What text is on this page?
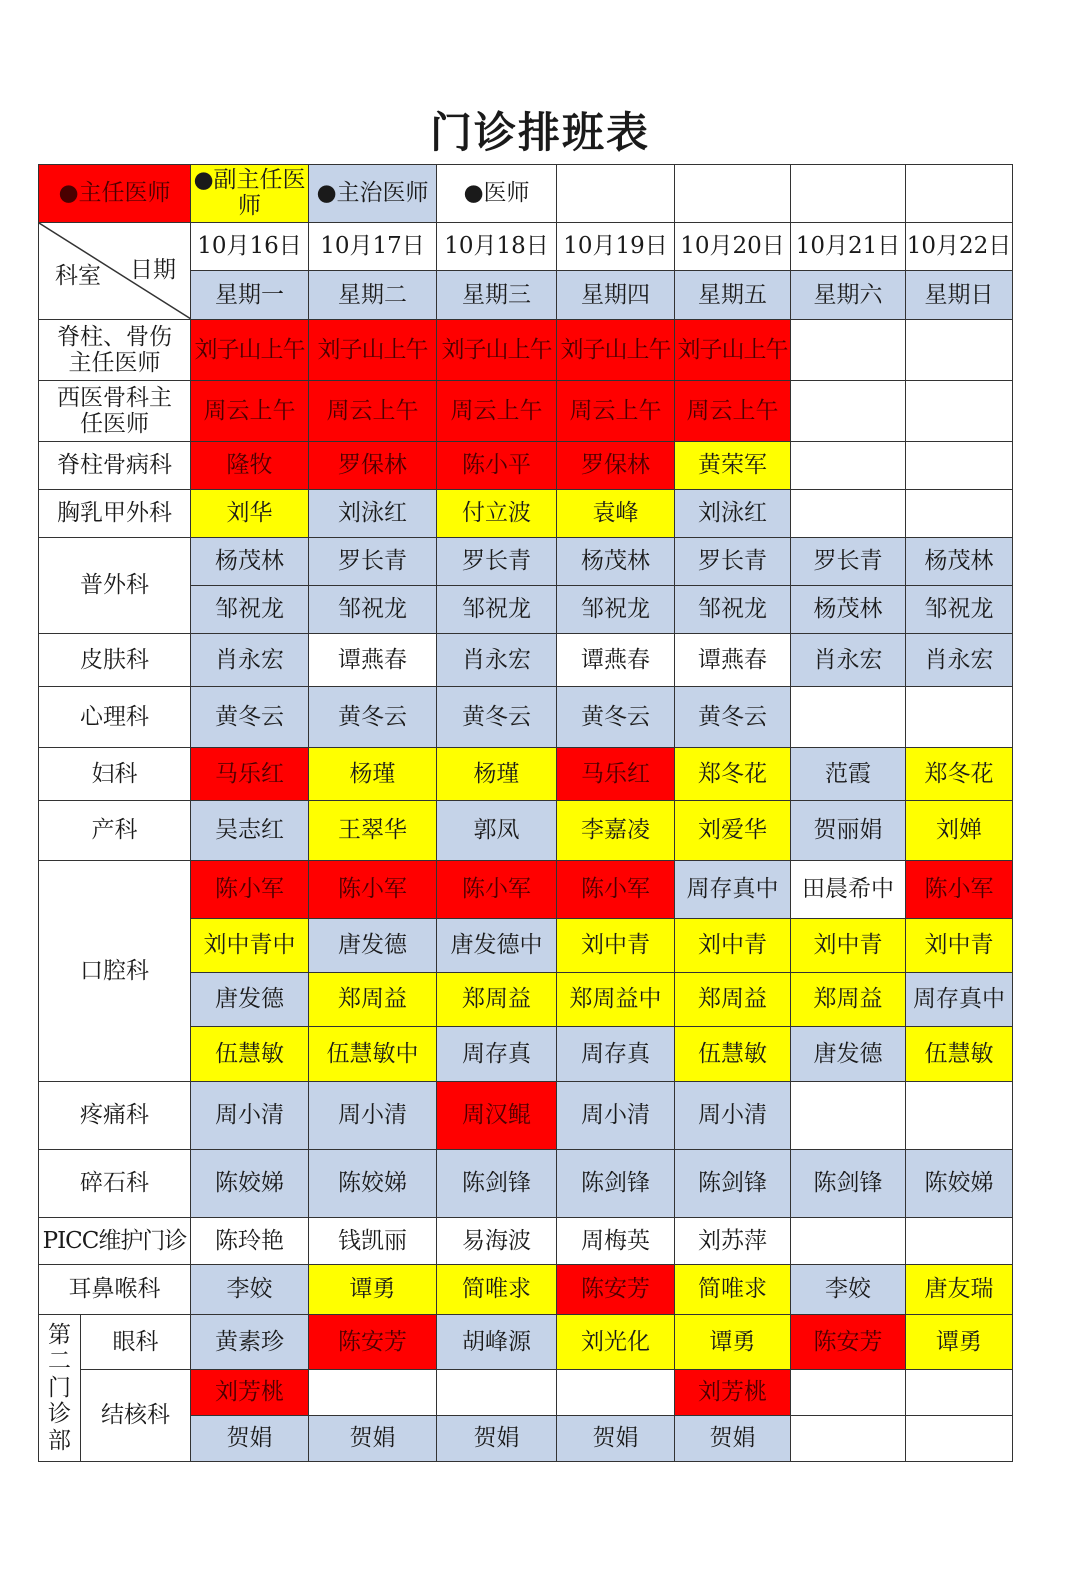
门诊排班表
●主任医师		●副主任医师	●主治医师	●医师				

科室 日期		10月16日	10月17日	10月18日	10月19日	10月20日	10月21日	10月22日
		星期一	星期二	星期三	星期四	星期五	星期六	星期日
脊柱、骨伤主任医师		刘子山上午	刘子山上午	刘子山上午	刘子山上午	刘子山上午		
西医骨科主任医师		周云上午	周云上午	周云上午	周云上午	周云上午		
脊柱骨病科		隆牧	罗保林	陈小平	罗保林	黄荣军		
胸乳甲外科		刘华	刘泳红	付立波	袁峰	刘泳红		
普外科		杨茂林	罗长青	罗长青	杨茂林	罗长青	罗长青	杨茂林
		邹祝龙	邹祝龙	邹祝龙	邹祝龙	邹祝龙	杨茂林	邹祝龙
皮肤科		肖永宏	谭燕春	肖永宏	谭燕春	谭燕春	肖永宏	肖永宏
心理科		黄冬云	黄冬云	黄冬云	黄冬云	黄冬云		
妇科		马乐红	杨瑾	杨瑾	马乐红	郑冬花	范霞	郑冬花
产科		吴志红	王翠华	郭凤	李嘉凌	刘爱华	贺丽娟	刘婵
口腔科		陈小军	陈小军	陈小军	陈小军	周存真中	田晨希中	陈小军
		刘中青中	唐发德	唐发德中	刘中青	刘中青	刘中青	刘中青
		唐发德	郑周益	郑周益	郑周益中	郑周益	郑周益	周存真中
		伍慧敏	伍慧敏中	周存真	周存真	伍慧敏	唐发德	伍慧敏
疼痛科		周小清	周小清	周汉鲲	周小清	周小清		
碎石科		陈姣娣	陈姣娣	陈剑锋	陈剑锋	陈剑锋	陈剑锋	陈姣娣
PICC维护门诊		陈玲艳	钱凯丽	易海波	周梅英	刘苏萍		
耳鼻喉科		李姣	谭勇	简唯求	陈安芳	简唯求	李姣	唐友瑞
第二门诊部	眼科	黄素珍	陈安芳	胡峰源	刘光化	谭勇	陈安芳	谭勇
	结核科	刘芳桃				刘芳桃		
		贺娟	贺娟	贺娟	贺娟	贺娟		
